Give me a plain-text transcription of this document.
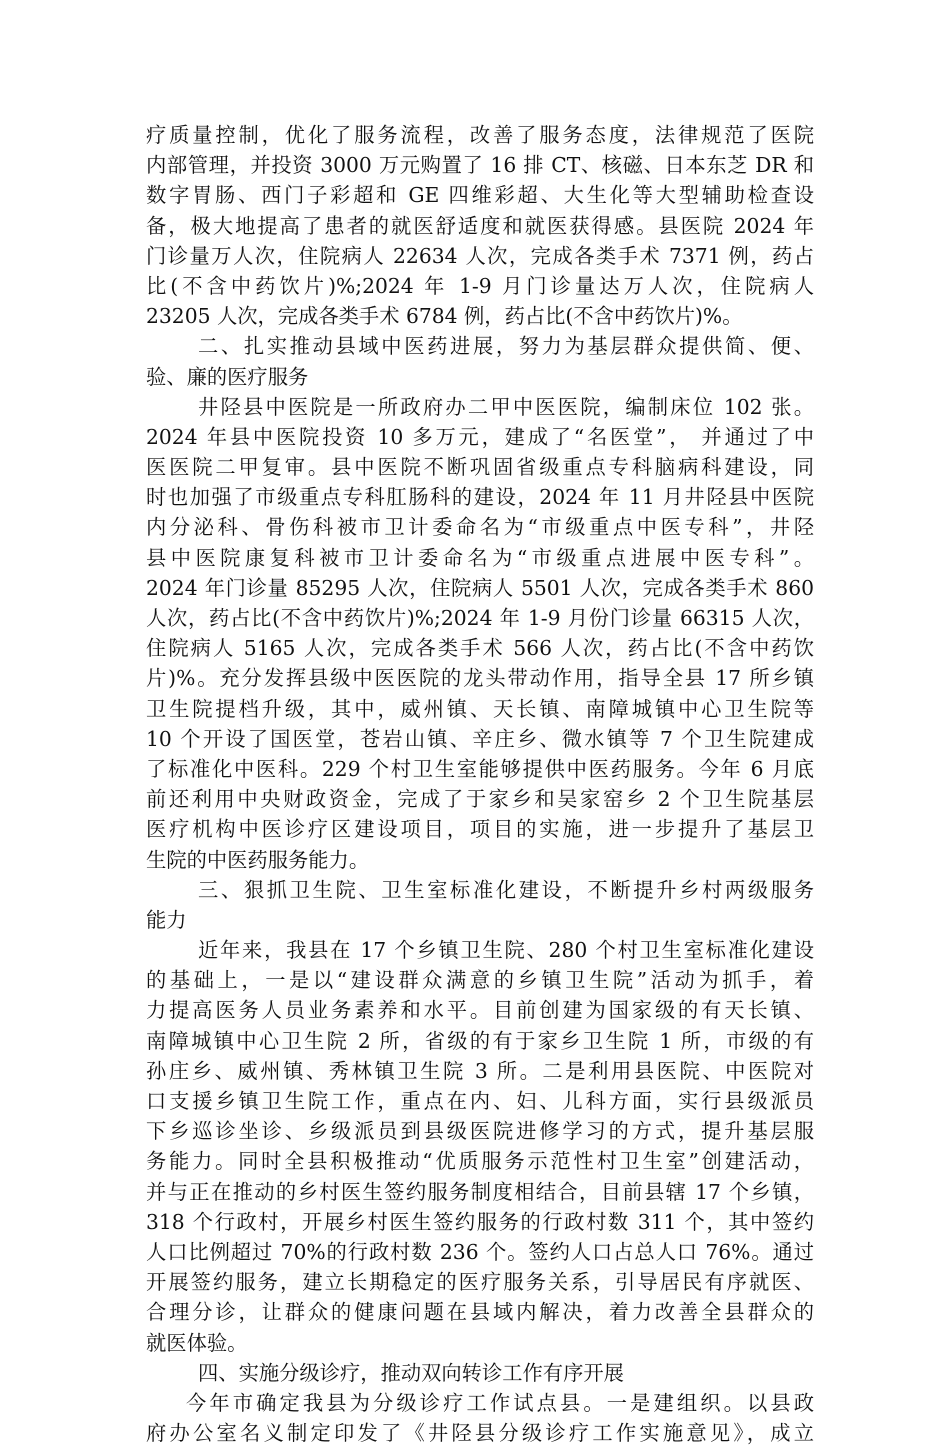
疗质量控制，优化了服务流程，改善了服务态度，法律规范了医院
内部管理，并投资 3000 万元购置了 16 排 CT、核磁、日本东芝 DR 和
数字胃肠、西门子彩超和 GE 四维彩超、大生化等大型辅助检查设
备，极大地提高了患者的就医舒适度和就医获得感。县医院 2024 年
门诊量万人次，住院病人 22634 人次，完成各类手术 7371 例，药占
比(不含中药饮片)%;2024 年 1-9 月门诊量达万人次，住院病人
23205 人次，完成各类手术 6784 例，药占比(不含中药饮片)%。
二、扎实推动县域中医药进展，努力为基层群众提供简、便、
验、廉的医疗服务
井陉县中医院是一所政府办二甲中医医院，编制床位 102 张。
2024 年县中医院投资 10 多万元，建成了“名医堂”， 并通过了中
医医院二甲复审。县中医院不断巩固省级重点专科脑病科建设，同
时也加强了市级重点专科肛肠科的建设，2024 年 11 月井陉县中医院
内分泌科、骨伤科被市卫计委命名为“市级重点中医专科”，井陉
县中医院康复科被市卫计委命名为“市级重点进展中医专科”。
2024 年门诊量 85295 人次，住院病人 5501 人次，完成各类手术 860
人次，药占比(不含中药饮片)%;2024 年 1-9 月份门诊量 66315 人次，
住院病人 5165 人次，完成各类手术 566 人次，药占比(不含中药饮
片)%。充分发挥县级中医医院的龙头带动作用，指导全县 17 所乡镇
卫生院提档升级，其中，威州镇、天长镇、南障城镇中心卫生院等
10 个开设了国医堂，苍岩山镇、辛庄乡、微水镇等 7 个卫生院建成
了标准化中医科。229 个村卫生室能够提供中医药服务。今年 6 月底
前还利用中央财政资金，完成了于家乡和吴家窑乡 2 个卫生院基层
医疗机构中医诊疗区建设项目，项目的实施，进一步提升了基层卫
生院的中医药服务能力。
三、狠抓卫生院、卫生室标准化建设，不断提升乡村两级服务
能力
近年来，我县在 17 个乡镇卫生院、280 个村卫生室标准化建设
的基础上，一是以“建设群众满意的乡镇卫生院”活动为抓手，着
力提高医务人员业务素养和水平。目前创建为国家级的有天长镇、
南障城镇中心卫生院 2 所，省级的有于家乡卫生院 1 所，市级的有
孙庄乡、威州镇、秀林镇卫生院 3 所。二是利用县医院、中医院对
口支援乡镇卫生院工作，重点在内、妇、儿科方面，实行县级派员
下乡巡诊坐诊、乡级派员到县级医院进修学习的方式，提升基层服
务能力。同时全县积极推动“优质服务示范性村卫生室”创建活动，
并与正在推动的乡村医生签约服务制度相结合，目前县辖 17 个乡镇，
318 个行政村，开展乡村医生签约服务的行政村数 311 个，其中签约
人口比例超过 70%的行政村数 236 个。签约人口占总人口 76%。通过
开展签约服务，建立长期稳定的医疗服务关系，引导居民有序就医、
合理分诊，让群众的健康问题在县域内解决，着力改善全县群众的
就医体验。
四、实施分级诊疗，推动双向转诊工作有序开展
今年市确定我县为分级诊疗工作试点县。一是建组织。以县政
府办公室名义制定印发了《井陉县分级诊疗工作实施意见》，成立
